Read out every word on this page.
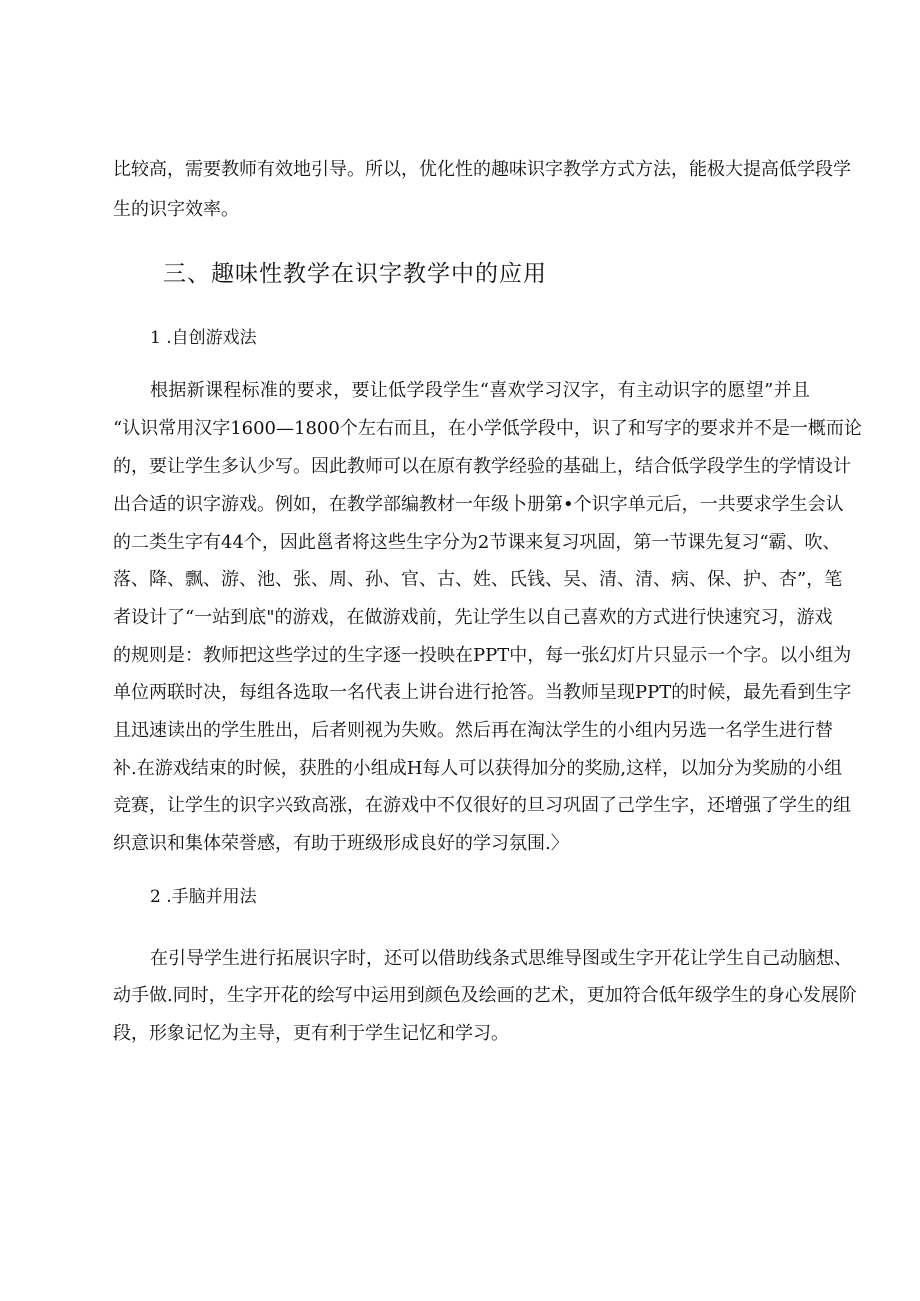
比较高，需要教师有效地引导。所以，优化性的趣味识字教学方式方法，能极大提高低学段学
生的识字效率。
三、趣味性教学在识字教学中的应用
1 .自创游戏法
根据新课程标准的要求，要让低学段学生“喜欢学习汉字，有主动识字的愿望”并且
“认识常用汉字1600—1800个左右而且，在小学低学段中，识了和写字的要求并不是一概而论
的，要让学生多认少写。因此教师可以在原有教学经验的基础上，结合低学段学生的学情设计
出合适的识字游戏。例如，在教学部编教材一年级卜册第•个识字单元后，一共要求学生会认
的二类生字有44个，因此邕者将这些生字分为2节课来复习巩固，第一节课先复习“霸、吹、
落、降、飘、游、池、张、周、孙、官、古、姓、氏钱、吴、清、清、病、保、护、杏”，笔
者设计了“一站到底"的游戏，在做游戏前，先让学生以自己喜欢的方式进行快速究习，游戏
的规则是：教师把这些学过的生字逐一投映在PPT中，每一张幻灯片只显示一个字。以小组为
单位两联时决，每组各选取一名代表上讲台进行抢答。当教师呈现PPT的时候，最先看到生字
且迅速读出的学生胜出，后者则视为失败。然后再在淘汰学生的小组内另选一名学生进行替
补.在游戏结束的时候，获胜的小组成H每人可以获得加分的奖励,这样，以加分为奖励的小组
竞赛，让学生的识字兴致高涨，在游戏中不仅很好的旦习巩固了己学生字，还增强了学生的组
织意识和集体荣誉感，有助于班级形成良好的学习氛围.〉
2 .手脑并用法
在引导学生进行拓展识字时，还可以借助线条式思维导图或生字开花让学生自己动脑想、
动手做.同时，生字开花的绘写中运用到颜色及绘画的艺术，更加符合低年级学生的身心发展阶
段，形象记忆为主导，更有利于学生记忆和学习。
